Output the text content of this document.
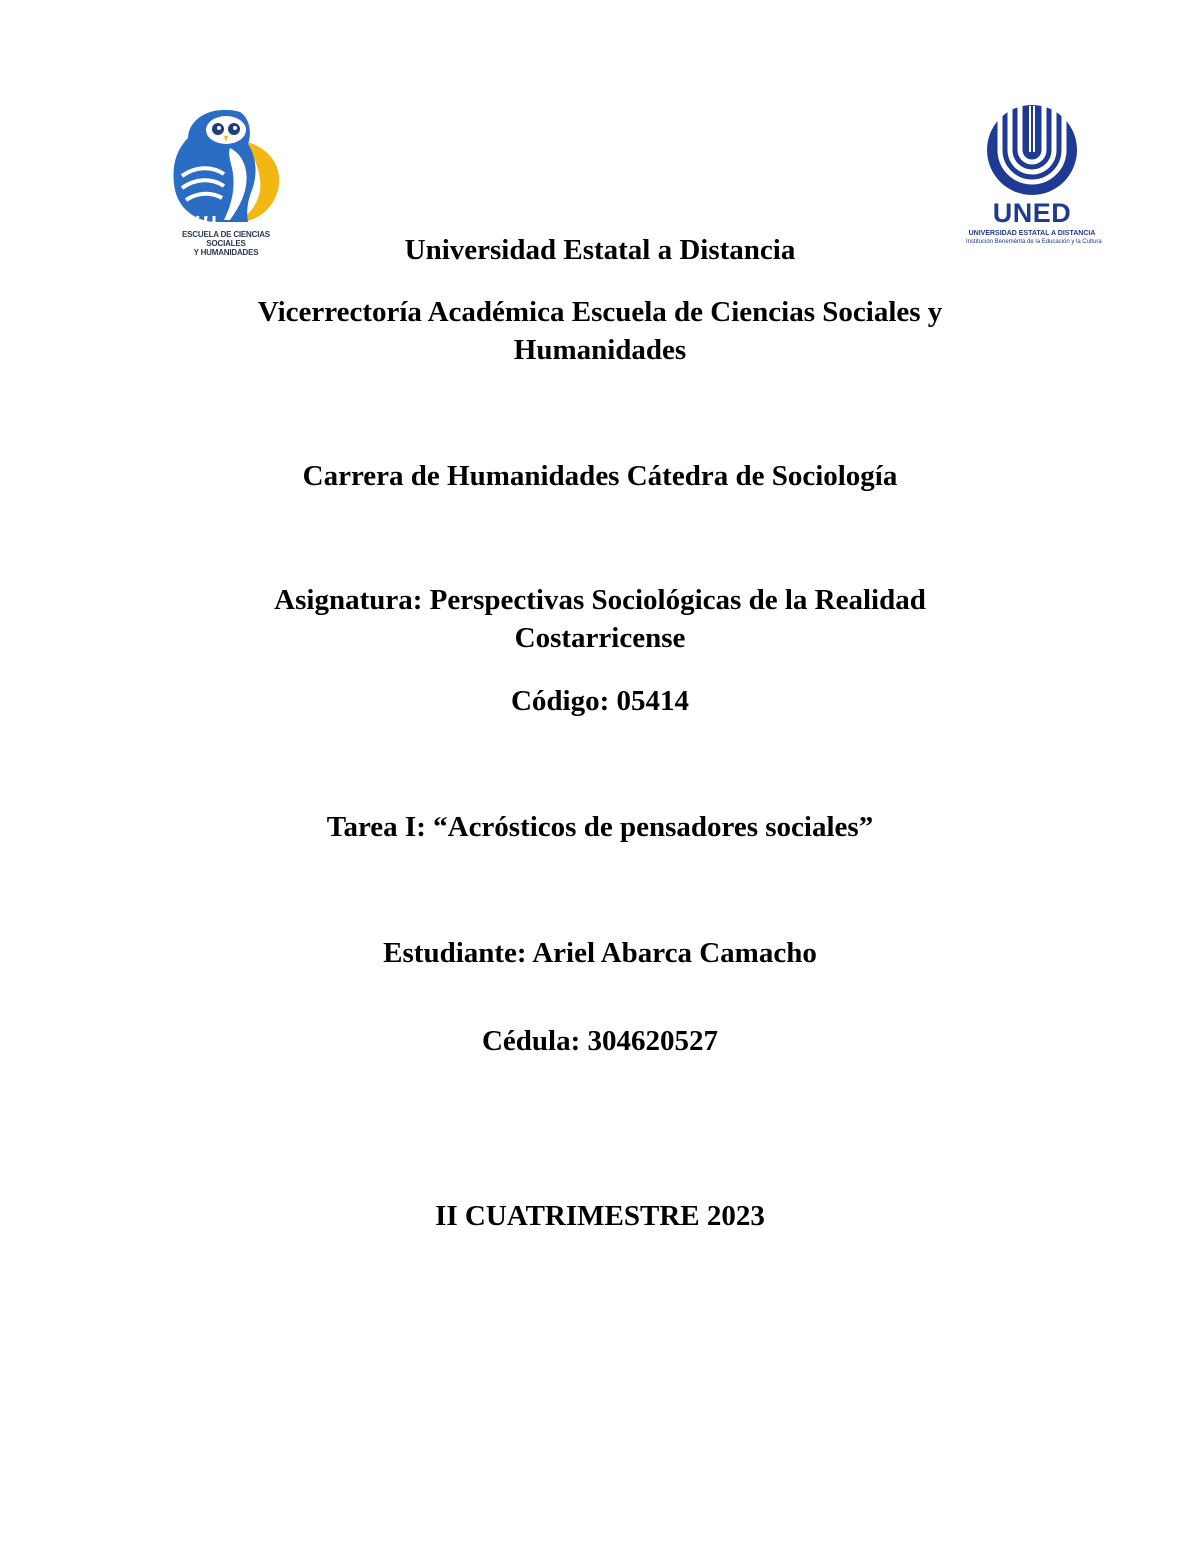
ESCUELA DE CIENCIAS SOCIALES
Y HUMANIDADES
UNED
UNIVERSIDAD ESTATAL A DISTANCIA
Institución Benemérita de la Educación y la Cultura

Universidad Estatal a Distancia

Vicerrectoría Académica Escuela de Ciencias Sociales y Humanidades

Carrera de Humanidades Cátedra de Sociología

Asignatura: Perspectivas Sociológicas de la Realidad Costarricense

Código: 05414

Tarea I: “Acrósticos de pensadores sociales”

Estudiante: Ariel Abarca Camacho

Cédula: 304620527

II CUATRIMESTRE 2023
